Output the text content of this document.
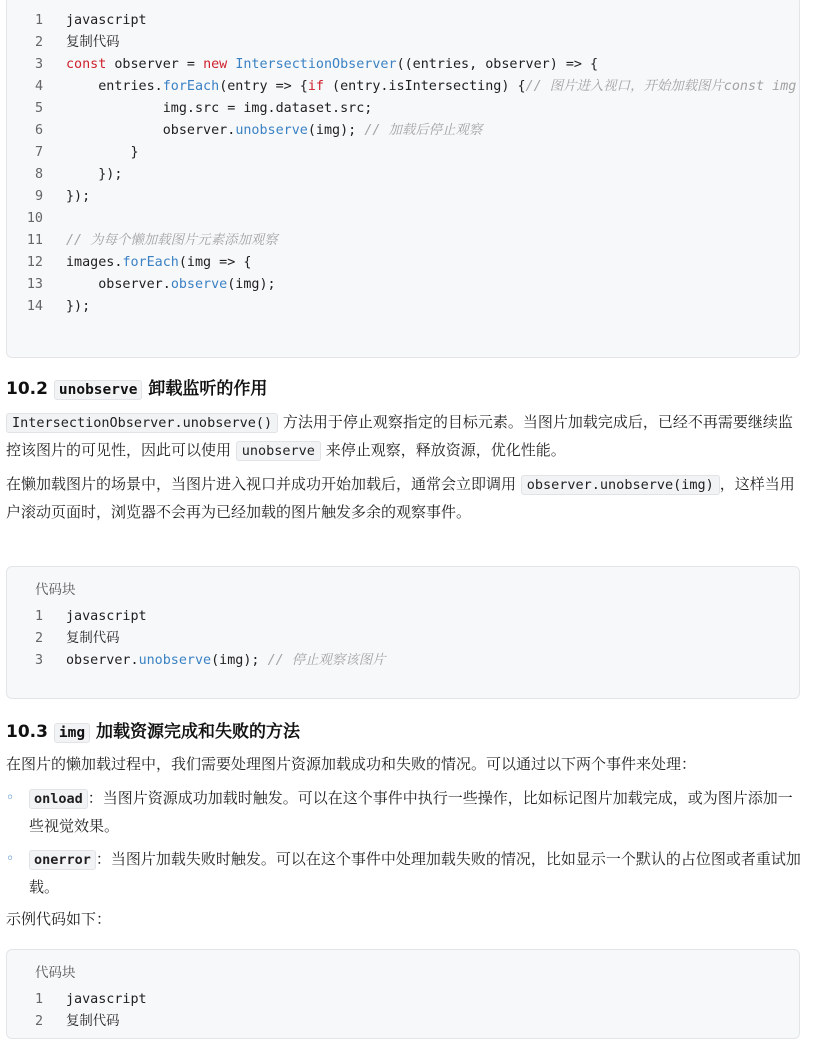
1 javascript
2 复制代码
3 const observer = new IntersectionObserver((entries, observer) => {
4    entries.forEach(entry => {if (entry.isIntersecting) {// 图片进入视口，开始加载图片const img
5            img.src = img.dataset.src;
6            observer.unobserve(img); // 加载后停止观察
7        }
8    });
9 });
10
11 // 为每个懒加载图片元素添加观察
12 images.forEach(img => {
13    observer.observe(img);
14 });
10.2 unobserve 卸载监听的作用
IntersectionObserver.unobserve() 方法用于停止观察指定的目标元素。当图片加载完成后，已经不再需要继续监控该图片的可见性，因此可以使用 unobserve 来停止观察，释放资源，优化性能。
在懒加载图片的场景中，当图片进入视口并成功开始加载后，通常会立即调用 observer.unobserve(img) ，这样当用户滚动页面时，浏览器不会再为已经加载的图片触发多余的观察事件。
代码块
1 javascript
2 复制代码
3 observer.unobserve(img); // 停止观察该图片
10.3 img 加载资源完成和失败的方法
在图片的懒加载过程中，我们需要处理图片资源加载成功和失败的情况。可以通过以下两个事件来处理：
◦	onload ：当图片资源成功加载时触发。可以在这个事件中执行一些操作，比如标记图片加载完成，或为图片添加一些视觉效果。
◦	onerror ：当图片加载失败时触发。可以在这个事件中处理加载失败的情况，比如显示一个默认的占位图或者重试加载。
示例代码如下：
代码块
1 javascript
2 复制代码
